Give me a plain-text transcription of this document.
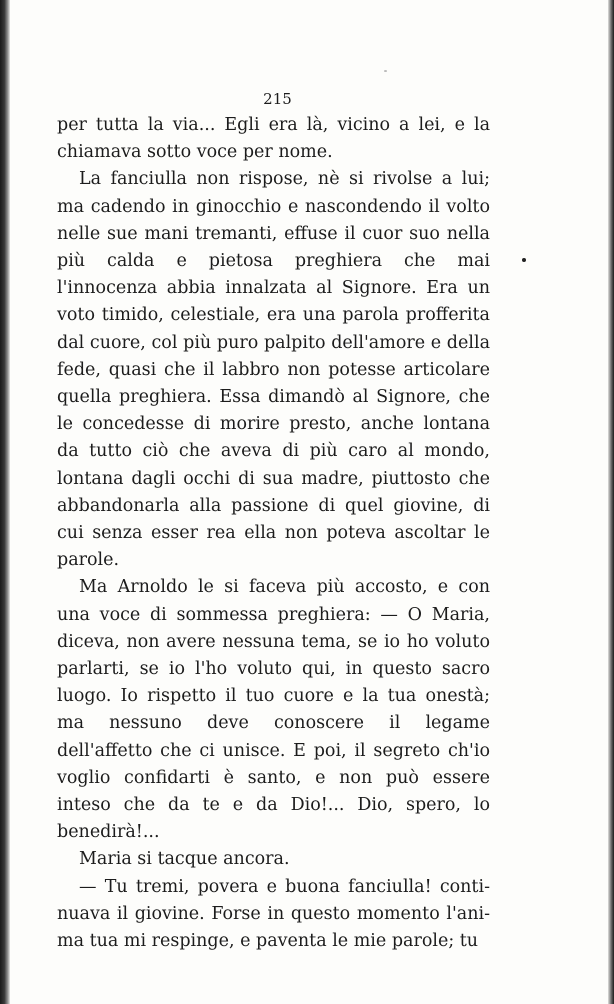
215

per tutta la via... Egli era là, vicino a lei, e la chiamava sotto voce per nome.

La fanciulla non rispose, nè si rivolse a lui; ma cadendo in ginocchio e nascondendo il volto nelle sue mani tremanti, effuse il cuor suo nella più calda e pietosa preghiera che mai l'innocenza abbia innalzata al Signore. Era un voto timido, celestiale, era una parola profferita dal cuore, col più puro palpito dell'amore e della fede, quasi che il labbro non potesse articolare quella preghiera. Essa dimandò al Signore, che le concedesse di morire presto, anche lontana da tutto ciò che aveva di più caro al mondo, lontana dagli occhi di sua madre, piuttosto che abbandonarla alla passione di quel giovine, di cui senza esser rea ella non poteva ascoltar le parole.

Ma Arnoldo le si faceva più accosto, e con una voce di sommessa preghiera: — O Maria, diceva, non avere nessuna tema, se io ho voluto parlarti, se io l'ho voluto qui, in questo sacro luogo. Io rispetto il tuo cuore e la tua onestà; ma nessuno deve conoscere il legame dell'affetto che ci unisce. E poi, il segreto ch'io voglio confidarti è santo, e non può essere inteso che da te e da Dio!... Dio, spero, lo benedirà!...

Maria si tacque ancora.

— Tu tremi, povera e buona fanciulla! continuava il giovine. Forse in questo momento l'anima tua mi respinge, e paventa le mie parole; tu
